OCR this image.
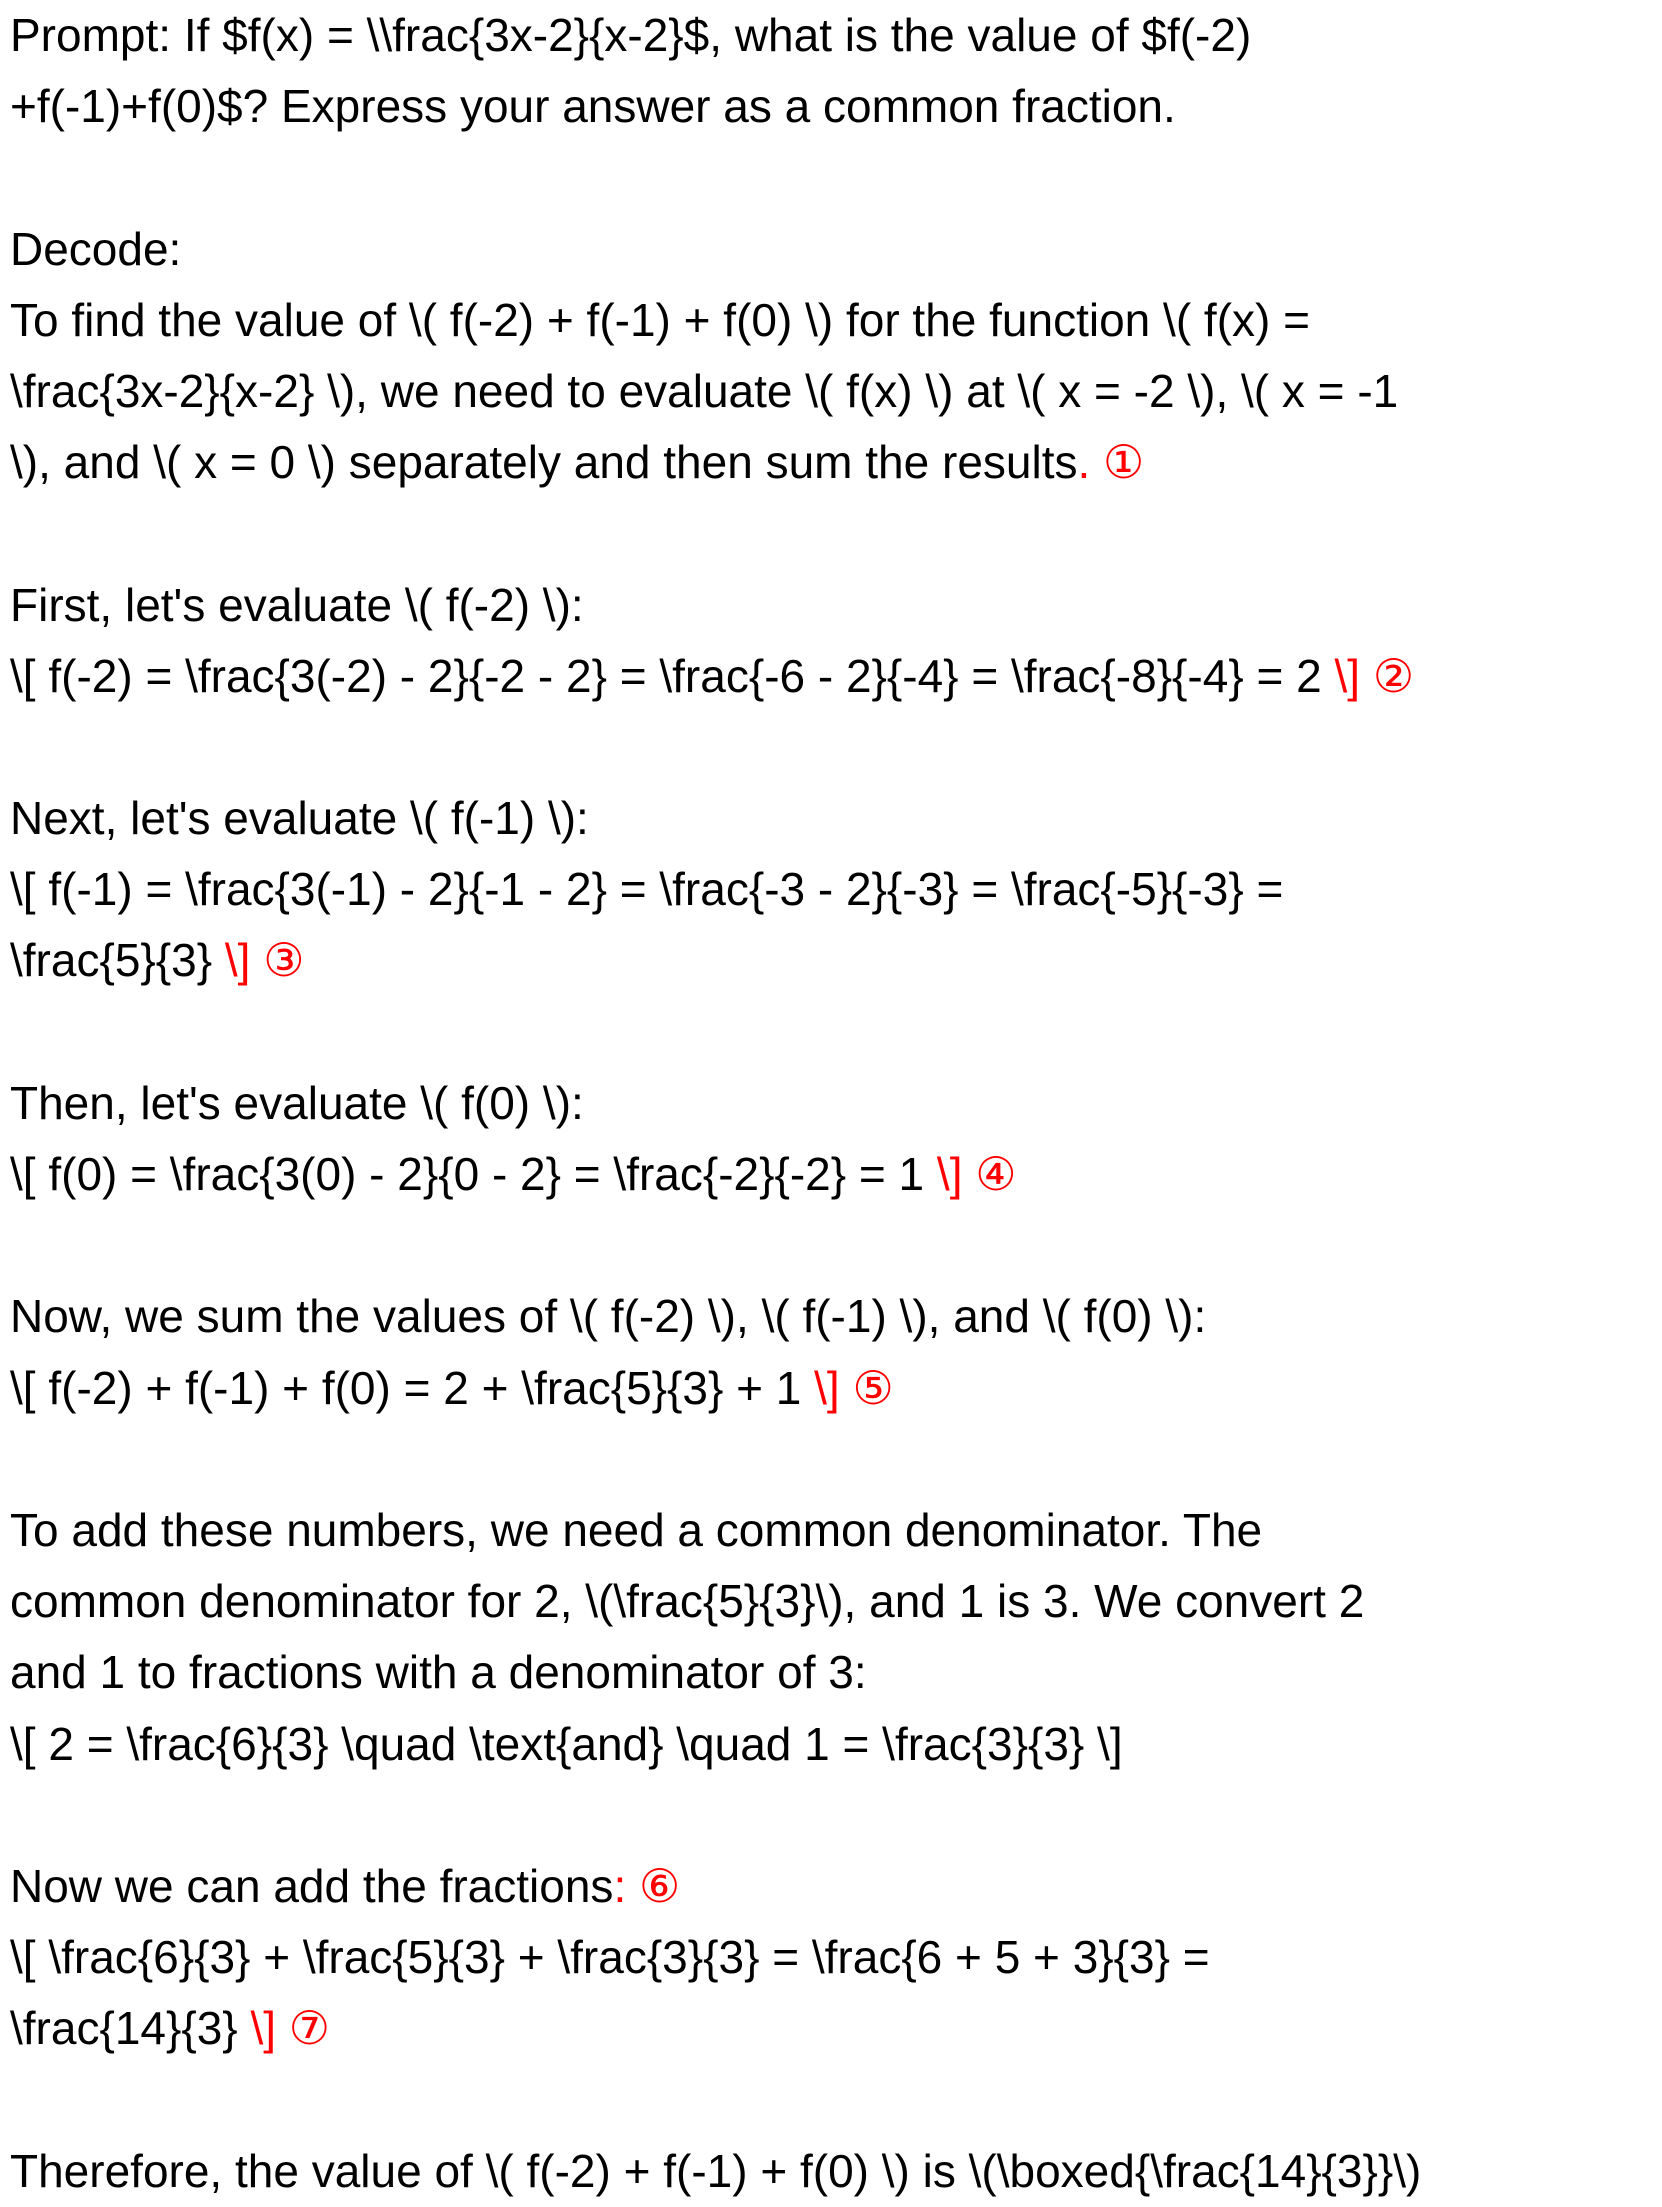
Prompt: If $f(x) = \\frac{3x-2}{x-2}$, what is the value of $f(-2)
+f(-1)+f(0)$? Express your answer as a common fraction.
Decode:
To find the value of \( f(-2) + f(-1) + f(0) \) for the function \( f(x) =
\frac{3x-2}{x-2} \), we need to evaluate \( f(x) \) at \( x = -2 \), \( x = -1
\), and \( x = 0 \) separately and then sum the results. ①
First, let's evaluate \( f(-2) \):
\[ f(-2) = \frac{3(-2) - 2}{-2 - 2} = \frac{-6 - 2}{-4} = \frac{-8}{-4} = 2 \] ②
Next, let's evaluate \( f(-1) \):
\[ f(-1) = \frac{3(-1) - 2}{-1 - 2} = \frac{-3 - 2}{-3} = \frac{-5}{-3} =
\frac{5}{3} \] ③
Then, let's evaluate \( f(0) \):
\[ f(0) = \frac{3(0) - 2}{0 - 2} = \frac{-2}{-2} = 1 \] ④
Now, we sum the values of \( f(-2) \), \( f(-1) \), and \( f(0) \):
\[ f(-2) + f(-1) + f(0) = 2 + \frac{5}{3} + 1 \] ⑤
To add these numbers, we need a common denominator. The
common denominator for 2, \(\frac{5}{3}\), and 1 is 3. We convert 2
and 1 to fractions with a denominator of 3:
\[ 2 = \frac{6}{3} \quad \text{and} \quad 1 = \frac{3}{3} \]
Now we can add the fractions: ⑥
\[ \frac{6}{3} + \frac{5}{3} + \frac{3}{3} = \frac{6 + 5 + 3}{3} =
\frac{14}{3} \] ⑦
Therefore, the value of \( f(-2) + f(-1) + f(0) \) is \(\boxed{\frac{14}{3}}\)
